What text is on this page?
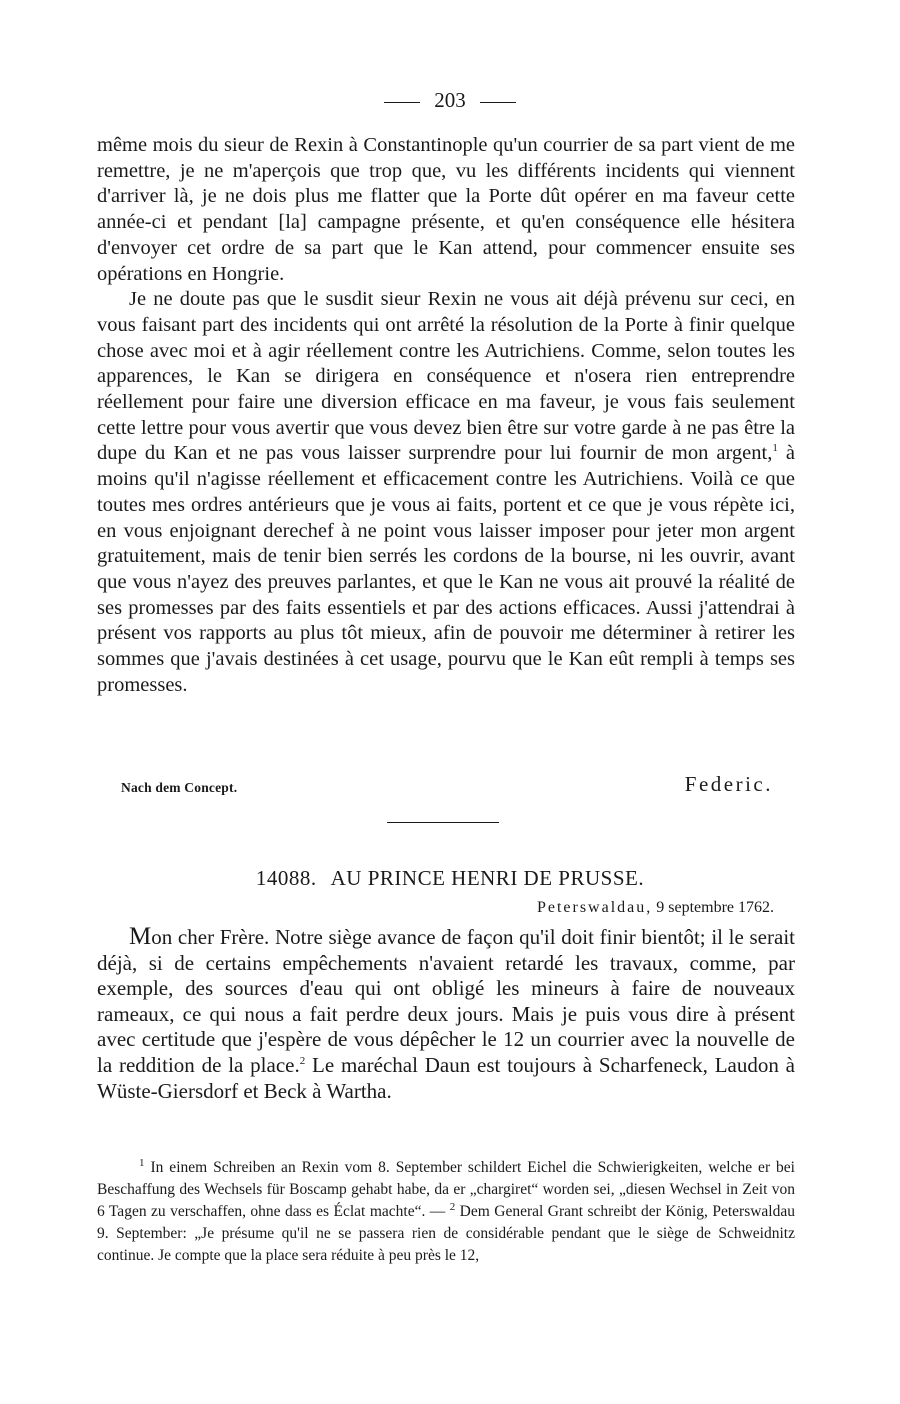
203

même mois du sieur de Rexin à Constantinople qu'un courrier de sa part vient de me remettre, je ne m'aperçois que trop que, vu les différents incidents qui viennent d'arriver là, je ne dois plus me flatter que la Porte dût opérer en ma faveur cette année-ci et pendant [la] campagne présente, et qu'en conséquence elle hésitera d'envoyer cet ordre de sa part que le Kan attend, pour commencer ensuite ses opérations en Hongrie.

Je ne doute pas que le susdit sieur Rexin ne vous ait déjà prévenu sur ceci, en vous faisant part des incidents qui ont arrêté la résolution de la Porte à finir quelque chose avec moi et à agir réellement contre les Autrichiens. Comme, selon toutes les apparences, le Kan se dirigera en conséquence et n'osera rien entreprendre réellement pour faire une diversion efficace en ma faveur, je vous fais seulement cette lettre pour vous avertir que vous devez bien être sur votre garde à ne pas être la dupe du Kan et ne pas vous laisser surprendre pour lui fournir de mon argent,$^1$ à moins qu'il n'agisse réellement et efficacement contre les Autrichiens. Voilà ce que toutes mes ordres antérieurs que je vous ai faits, portent et ce que je vous répète ici, en vous enjoignant derechef à ne point vous laisser imposer pour jeter mon argent gratuitement, mais de tenir bien serrés les cordons de la bourse, ni les ouvrir, avant que vous n'ayez des preuves parlantes, et que le Kan ne vous ait prouvé la réalité de ses promesses par des faits essentiels et par des actions efficaces. Aussi j'attendrai à présent vos rapports au plus tôt mieux, afin de pouvoir me déterminer à retirer les sommes que j'avais destinées à cet usage, pourvu que le Kan eût rempli à temps ses promesses.

Nach dem Concept.	Federic.
14088. AU PRINCE HENRI DE PRUSSE.
Peterswaldau, 9 septembre 1762.

Mon cher Frère. Notre siège avance de façon qu'il doit finir bientôt; il le serait déjà, si de certains empêchements n'avaient retardé les travaux, comme, par exemple, des sources d'eau qui ont obligé les mineurs à faire de nouveaux rameaux, ce qui nous a fait perdre deux jours. Mais je puis vous dire à présent avec certitude que j'espère de vous dépêcher le 12 un courrier avec la nouvelle de la reddition de la place.$^2$ Le maréchal Daun est toujours à Scharfeneck, Laudon à Wüste-Giersdorf et Beck à Wartha.

$^1$ In einem Schreiben an Rexin vom 8. September schildert Eichel die Schwierigkeiten, welche er bei Beschaffung des Wechsels für Boscamp gehabt habe, da er „chargiret“ worden sei, „diesen Wechsel in Zeit von 6 Tagen zu verschaffen, ohne dass es Éclat machte“. — $^2$ Dem General Grant schreibt der König, Peterswaldau 9. September: „Je présume qu'il ne se passera rien de considérable pendant que le siège de Schweidnitz continue. Je compte que la place sera réduite à peu près le 12,
